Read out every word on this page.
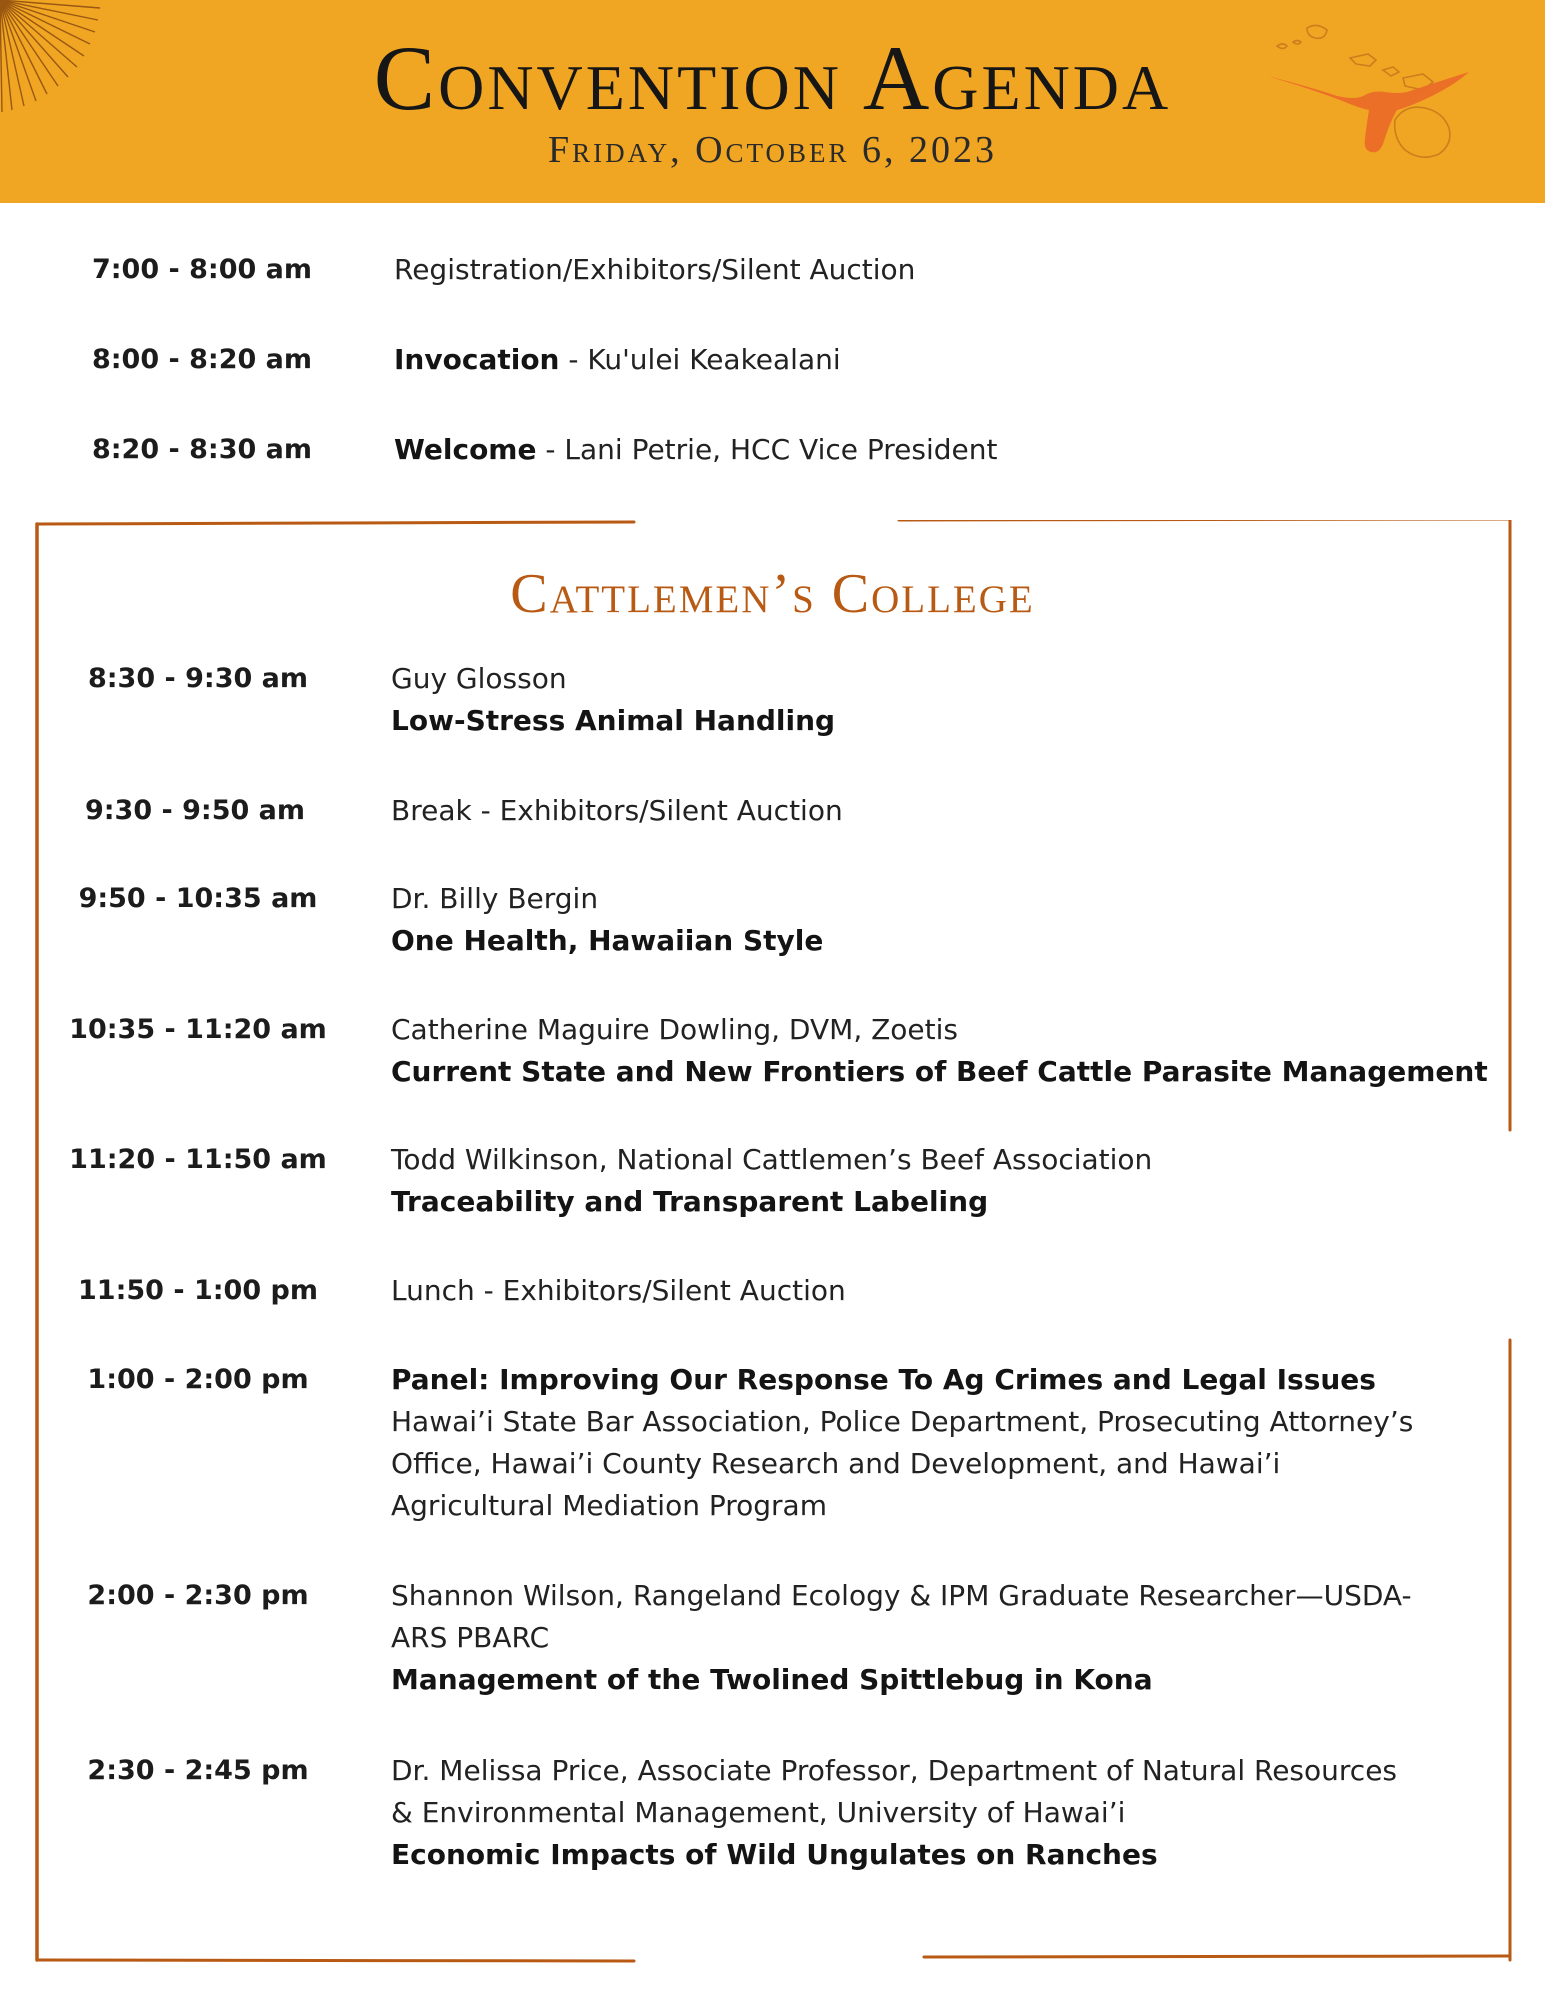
Convention Agenda
Friday, October 6, 2023
7:00 - 8:00 am	Registration/Exhibitors/Silent Auction
8:00 - 8:20 am	Invocation - Ku'ulei Keakealani
8:20 - 8:30 am	Welcome - Lani Petrie, HCC Vice President
Cattlemen’s College
8:30 - 9:30 am	Guy Glosson
Low-Stress Animal Handling
9:30 - 9:50 am	Break - Exhibitors/Silent Auction
9:50 - 10:35 am	Dr. Billy Bergin
One Health, Hawaiian Style
10:35 - 11:20 am	Catherine Maguire Dowling, DVM, Zoetis
Current State and New Frontiers of Beef Cattle Parasite Management
11:20 - 11:50 am	Todd Wilkinson, National Cattlemen’s Beef Association
Traceability and Transparent Labeling
11:50 - 1:00 pm	Lunch - Exhibitors/Silent Auction
1:00 - 2:00 pm	Panel: Improving Our Response To Ag Crimes and Legal Issues
Hawai’i State Bar Association, Police Department, Prosecuting Attorney’s
Office, Hawai’i County Research and Development, and Hawai’i
Agricultural Mediation Program
2:00 - 2:30 pm	Shannon Wilson, Rangeland Ecology & IPM Graduate Researcher—USDA-
ARS PBARC
Management of the Twolined Spittlebug in Kona
2:30 - 2:45 pm	Dr. Melissa Price, Associate Professor, Department of Natural Resources
& Environmental Management, University of Hawai’i
Economic Impacts of Wild Ungulates on Ranches
